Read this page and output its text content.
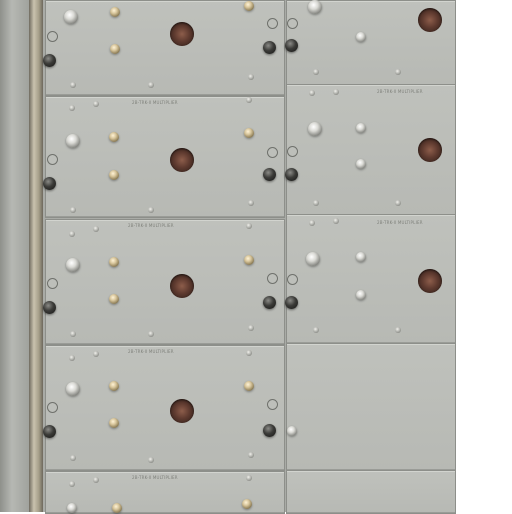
2B-TRK-II MULTIPLIER
2B-TRK-II MULTIPLIER
2B-TRK-II MULTIPLIER
2B-TRK-II MULTIPLIER
2B-TRK-II MULTIPLIER
2B-TRK-II MULTIPLIER
